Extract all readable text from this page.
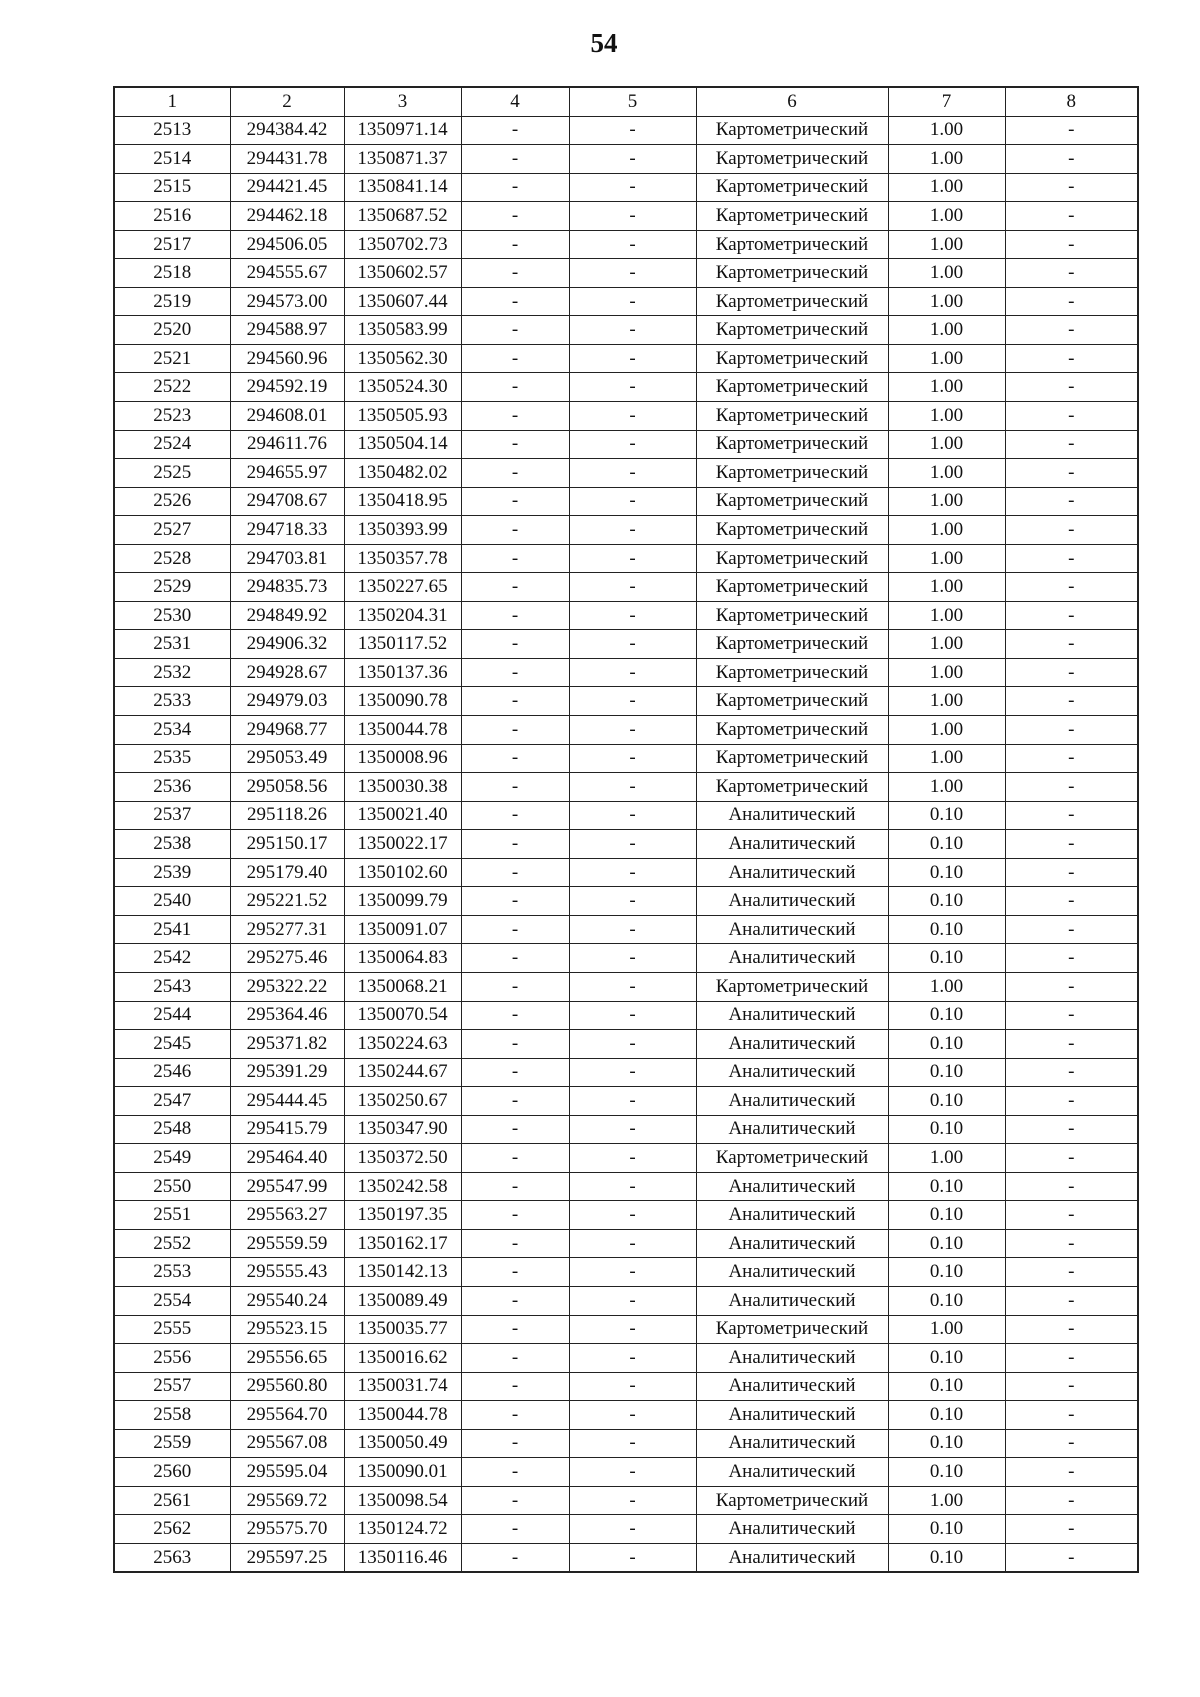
54
1	2	3	4	5	6	7	8
2513	294384.42	1350971.14	-	-	Картометрический	1.00	-
2514	294431.78	1350871.37	-	-	Картометрический	1.00	-
2515	294421.45	1350841.14	-	-	Картометрический	1.00	-
2516	294462.18	1350687.52	-	-	Картометрический	1.00	-
2517	294506.05	1350702.73	-	-	Картометрический	1.00	-
2518	294555.67	1350602.57	-	-	Картометрический	1.00	-
2519	294573.00	1350607.44	-	-	Картометрический	1.00	-
2520	294588.97	1350583.99	-	-	Картометрический	1.00	-
2521	294560.96	1350562.30	-	-	Картометрический	1.00	-
2522	294592.19	1350524.30	-	-	Картометрический	1.00	-
2523	294608.01	1350505.93	-	-	Картометрический	1.00	-
2524	294611.76	1350504.14	-	-	Картометрический	1.00	-
2525	294655.97	1350482.02	-	-	Картометрический	1.00	-
2526	294708.67	1350418.95	-	-	Картометрический	1.00	-
2527	294718.33	1350393.99	-	-	Картометрический	1.00	-
2528	294703.81	1350357.78	-	-	Картометрический	1.00	-
2529	294835.73	1350227.65	-	-	Картометрический	1.00	-
2530	294849.92	1350204.31	-	-	Картометрический	1.00	-
2531	294906.32	1350117.52	-	-	Картометрический	1.00	-
2532	294928.67	1350137.36	-	-	Картометрический	1.00	-
2533	294979.03	1350090.78	-	-	Картометрический	1.00	-
2534	294968.77	1350044.78	-	-	Картометрический	1.00	-
2535	295053.49	1350008.96	-	-	Картометрический	1.00	-
2536	295058.56	1350030.38	-	-	Картометрический	1.00	-
2537	295118.26	1350021.40	-	-	Аналитический	0.10	-
2538	295150.17	1350022.17	-	-	Аналитический	0.10	-
2539	295179.40	1350102.60	-	-	Аналитический	0.10	-
2540	295221.52	1350099.79	-	-	Аналитический	0.10	-
2541	295277.31	1350091.07	-	-	Аналитический	0.10	-
2542	295275.46	1350064.83	-	-	Аналитический	0.10	-
2543	295322.22	1350068.21	-	-	Картометрический	1.00	-
2544	295364.46	1350070.54	-	-	Аналитический	0.10	-
2545	295371.82	1350224.63	-	-	Аналитический	0.10	-
2546	295391.29	1350244.67	-	-	Аналитический	0.10	-
2547	295444.45	1350250.67	-	-	Аналитический	0.10	-
2548	295415.79	1350347.90	-	-	Аналитический	0.10	-
2549	295464.40	1350372.50	-	-	Картометрический	1.00	-
2550	295547.99	1350242.58	-	-	Аналитический	0.10	-
2551	295563.27	1350197.35	-	-	Аналитический	0.10	-
2552	295559.59	1350162.17	-	-	Аналитический	0.10	-
2553	295555.43	1350142.13	-	-	Аналитический	0.10	-
2554	295540.24	1350089.49	-	-	Аналитический	0.10	-
2555	295523.15	1350035.77	-	-	Картометрический	1.00	-
2556	295556.65	1350016.62	-	-	Аналитический	0.10	-
2557	295560.80	1350031.74	-	-	Аналитический	0.10	-
2558	295564.70	1350044.78	-	-	Аналитический	0.10	-
2559	295567.08	1350050.49	-	-	Аналитический	0.10	-
2560	295595.04	1350090.01	-	-	Аналитический	0.10	-
2561	295569.72	1350098.54	-	-	Картометрический	1.00	-
2562	295575.70	1350124.72	-	-	Аналитический	0.10	-
2563	295597.25	1350116.46	-	-	Аналитический	0.10	-
